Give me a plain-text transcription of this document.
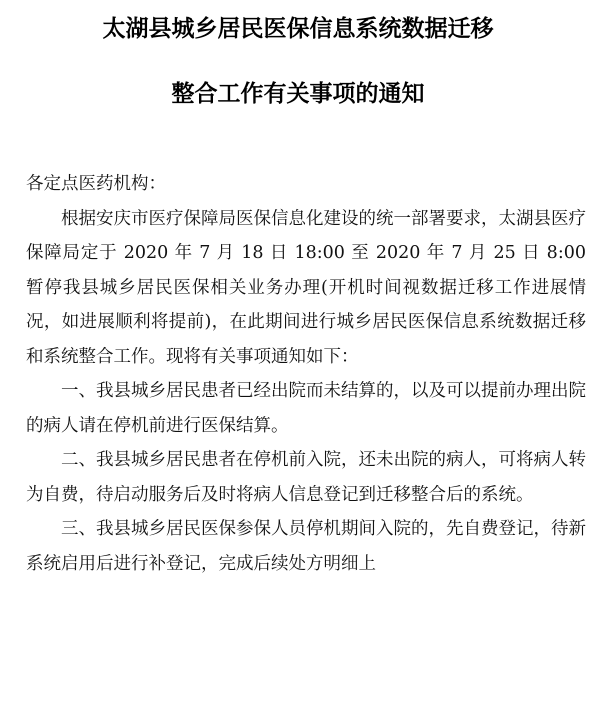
太湖县城乡居民医保信息系统数据迁移
整合工作有关事项的通知

各定点医药机构：

根据安庆市医疗保障局医保信息化建设的统一部署要求，太湖县医疗保障局定于 2020 年 7 月 18 日 18:00 至 2020 年 7 月 25 日 8:00 暂停我县城乡居民医保相关业务办理(开机时间视数据迁移工作进展情况，如进展顺利将提前)，在此期间进行城乡居民医保信息系统数据迁移和系统整合工作。现将有关事项通知如下：

一、我县城乡居民患者已经出院而未结算的，以及可以提前办理出院的病人请在停机前进行医保结算。

二、我县城乡居民患者在停机前入院，还未出院的病人，可将病人转为自费，待启动服务后及时将病人信息登记到迁移整合后的系统。

三、我县城乡居民医保参保人员停机期间入院的，先自费登记，待新系统启用后进行补登记，完成后续处方明细上
